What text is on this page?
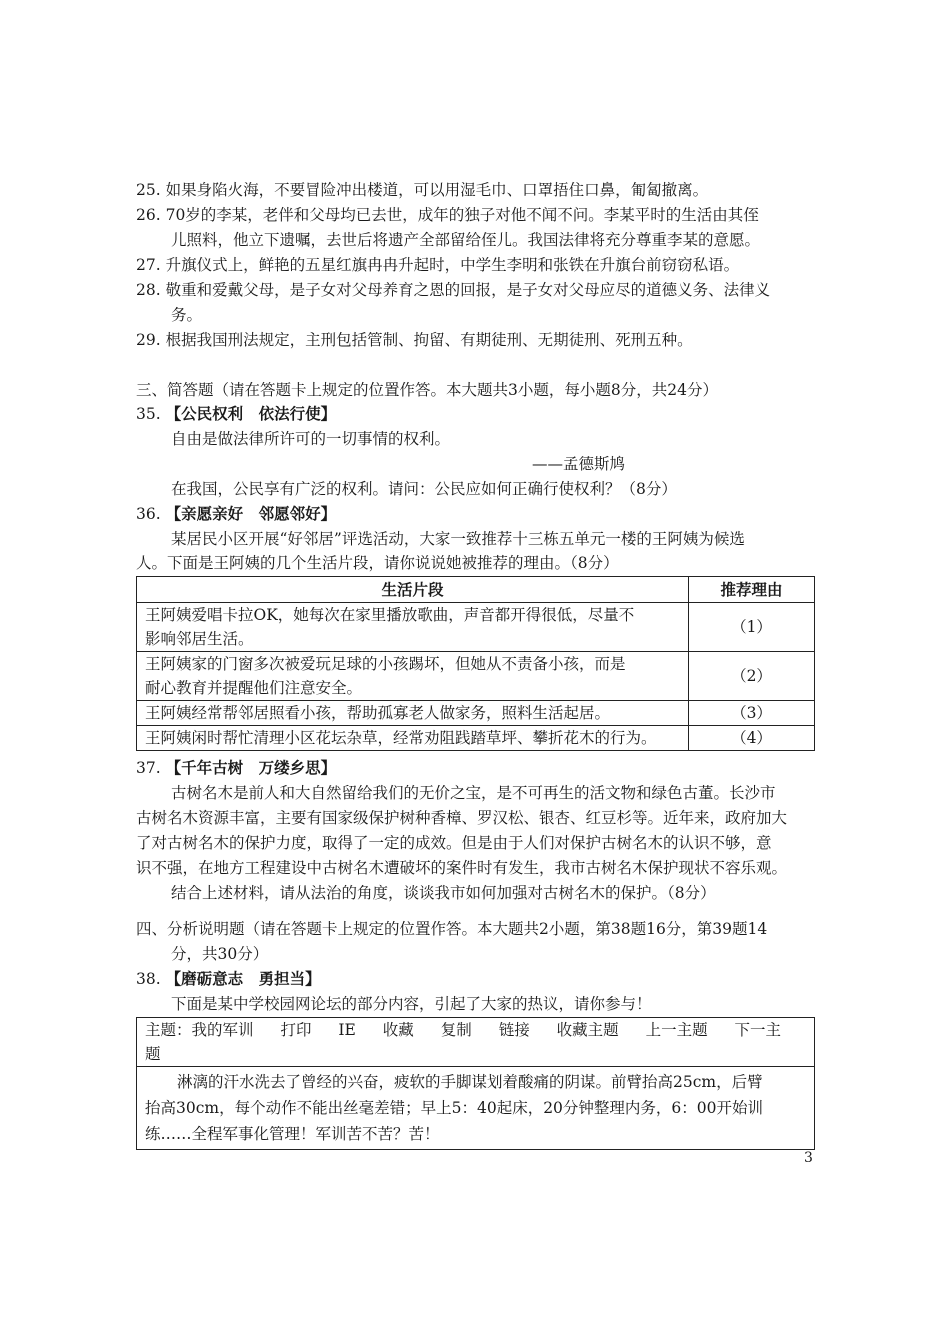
25. 如果身陷火海，不要冒险冲出楼道，可以用湿毛巾、口罩捂住口鼻，匍匐撤离。
26. 70岁的李某，老伴和父母均已去世，成年的独子对他不闻不问。李某平时的生活由其侄
儿照料，他立下遗嘱，去世后将遗产全部留给侄儿。我国法律将充分尊重李某的意愿。
27. 升旗仪式上，鲜艳的五星红旗冉冉升起时，中学生李明和张铁在升旗台前窃窃私语。
28. 敬重和爱戴父母，是子女对父母养育之恩的回报，是子女对父母应尽的道德义务、法律义
务。
29. 根据我国刑法规定，主刑包括管制、拘留、有期徒刑、无期徒刑、死刑五种。
三、简答题（请在答题卡上规定的位置作答。本大题共3小题，每小题8分，共24分）
35. 【公民权利　依法行使】
自由是做法律所许可的一切事情的权利。
——孟德斯鸠
在我国，公民享有广泛的权利。请问：公民应如何正确行使权利？（8分）
36. 【亲愿亲好　邻愿邻好】
某居民小区开展“好邻居”评选活动，大家一致推荐十三栋五单元一楼的王阿姨为候选
人。下面是王阿姨的几个生活片段，请你说说她被推荐的理由。（8分）
生活片段	推荐理由

王阿姨爱唱卡拉OK，她每次在家里播放歌曲，声音都开得很低，尽量不
影响邻居生活。	（1）

王阿姨家的门窗多次被爱玩足球的小孩踢坏，但她从不责备小孩，而是
耐心教育并提醒他们注意安全。	（2）

王阿姨经常帮邻居照看小孩，帮助孤寡老人做家务，照料生活起居。	（3）

王阿姨闲时帮忙清理小区花坛杂草，经常劝阻践踏草坪、攀折花木的行为。	（4）
37. 【千年古树　万缕乡思】
古树名木是前人和大自然留给我们的无价之宝，是不可再生的活文物和绿色古董。长沙市
古树名木资源丰富，主要有国家级保护树种香樟、罗汉松、银杏、红豆杉等。近年来，政府加大
了对古树名木的保护力度，取得了一定的成效。但是由于人们对保护古树名木的认识不够，意
识不强，在地方工程建设中古树名木遭破坏的案件时有发生，我市古树名木保护现状不容乐观。
结合上述材料，请从法治的角度，谈谈我市如何加强对古树名木的保护。（8分）
四、分析说明题（请在答题卡上规定的位置作答。本大题共2小题，第38题16分，第39题14
分，共30分）
38. 【磨砺意志　勇担当】
下面是某中学校园网论坛的部分内容，引起了大家的热议，请你参与！
主题：我的军训 打印 IE 收藏 复制 链接 收藏主题 上一主题 下一主题

淋漓的汗水洗去了曾经的兴奋，疲软的手脚谋划着酸痛的阴谋。前臂抬高25cm，后臂
抬高30cm，每个动作不能出丝毫差错；早上5：40起床，20分钟整理内务，6：00开始训
练……全程军事化管理！军训苦不苦？苦！
3
